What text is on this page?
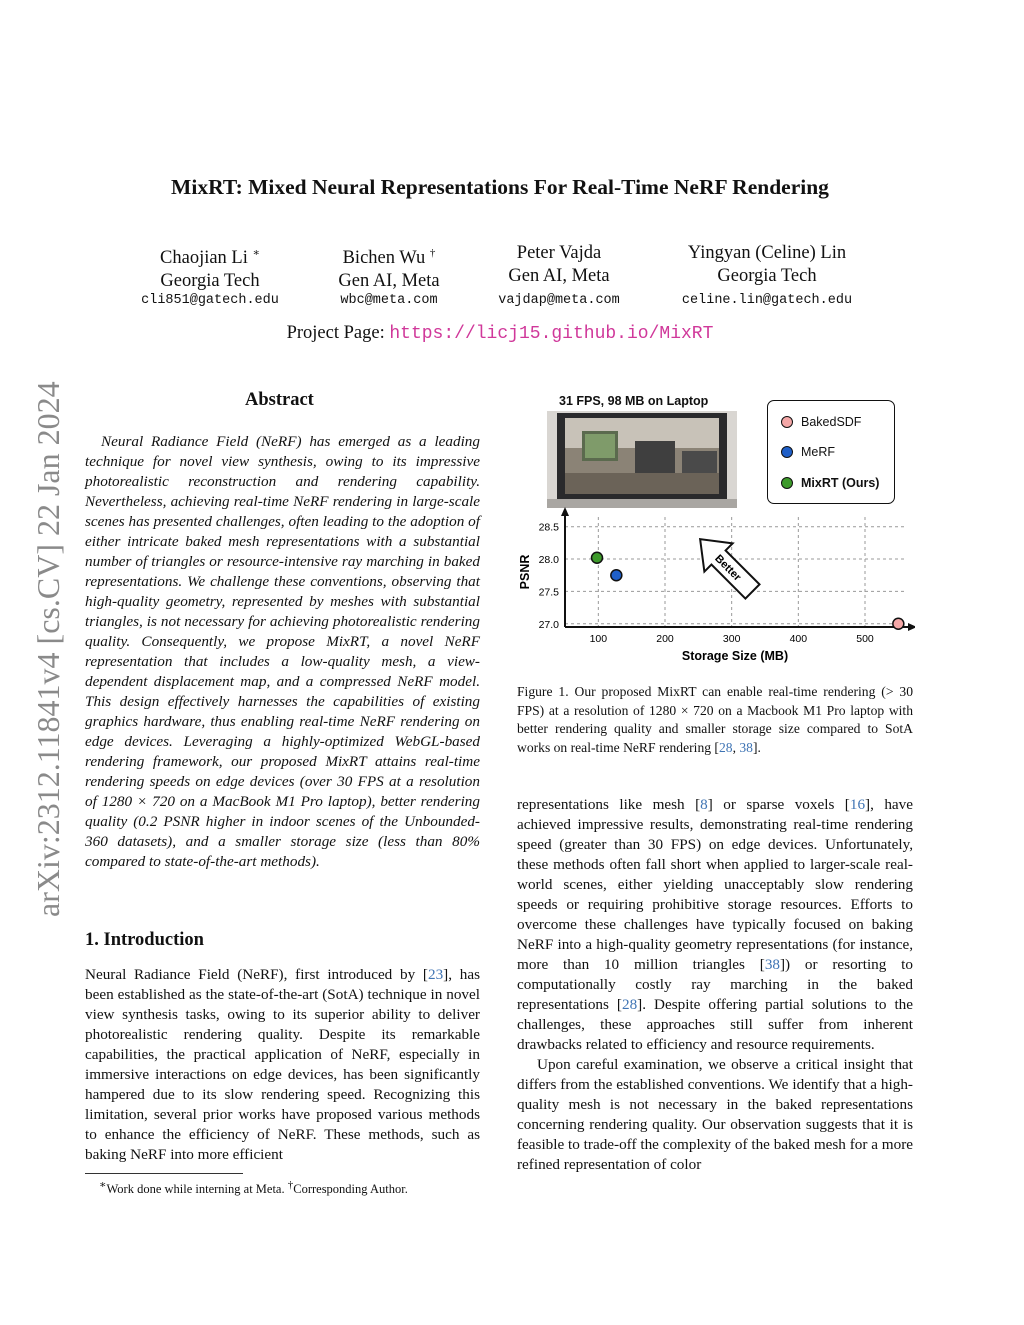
arXiv:2312.11841v4 [cs.CV] 22 Jan 2024
MixRT: Mixed Neural Representations For Real-Time NeRF Rendering
Chaojian Li ∗
Georgia Tech
Bichen Wu †
Gen AI, Meta
Peter Vajda
Gen AI, Meta
Yingyan (Celine) Lin
Georgia Tech
cli851@gatech.edu	wbc@meta.com	vajdap@meta.com	celine.lin@gatech.edu
Project Page: https://licj15.github.io/MixRT
Abstract

Neural Radiance Field (NeRF) has emerged as a leading technique for novel view synthesis, owing to its impressive photorealistic reconstruction and rendering capability. Nevertheless, achieving real-time NeRF rendering in large-scale scenes has presented challenges, often leading to the adoption of either intricate baked mesh representations with a substantial number of triangles or resource-intensive ray marching in baked representations. We challenge these conventions, observing that high-quality geometry, represented by meshes with substantial triangles, is not necessary for achieving photorealistic rendering quality. Consequently, we propose MixRT, a novel NeRF representation that includes a low-quality mesh, a view-dependent displacement map, and a compressed NeRF model. This design effectively harnesses the capabilities of existing graphics hardware, thus enabling real-time NeRF rendering on edge devices. Leveraging a highly-optimized WebGL-based rendering framework, our proposed MixRT attains real-time rendering speeds on edge devices (over 30 FPS at a resolution of 1280 × 720 on a MacBook M1 Pro laptop), better rendering quality (0.2 PSNR higher in indoor scenes of the Unbounded-360 datasets), and a smaller storage size (less than 80% compared to state-of-the-art methods).

1. Introduction

Neural Radiance Field (NeRF), first introduced by [23], has been established as the state-of-the-art (SotA) technique in novel view synthesis tasks, owing to its superior ability to deliver photorealistic rendering quality. Despite its remarkable capabilities, the practical application of NeRF, especially in immersive interactions on edge devices, has been significantly hampered due to its slow rendering speed. Recognizing this limitation, several prior works have proposed various methods to enhance the efficiency of NeRF. These methods, such as baking NeRF into more efficient

∗Work done while interning at Meta. †Corresponding Author.
31 FPS, 98 MB on Laptop
BakedSDF
MeRF
MixRT (Ours)
100	200	300	400	500
27.0
27.5
28.0
28.5
Storage Size (MB)
PSNR	Better
Figure 1. Our proposed MixRT can enable real-time rendering (> 30 FPS) at a resolution of 1280 × 720 on a Macbook M1 Pro laptop with better rendering quality and smaller storage size compared to SotA works on real-time NeRF rendering [28, 38].

representations like mesh [8] or sparse voxels [16], have achieved impressive results, demonstrating real-time rendering speed (greater than 30 FPS) on edge devices. Unfortunately, these methods often fall short when applied to larger-scale real-world scenes, either yielding unacceptably slow rendering speeds or requiring prohibitive storage resources. Efforts to overcome these challenges have typically focused on baking NeRF into a high-quality geometry representations (for instance, more than 10 million triangles [38]) or resorting to computationally costly ray marching in the baked representations [28]. Despite offering partial solutions to the challenges, these approaches still suffer from inherent drawbacks related to efficiency and resource requirements.

Upon careful examination, we observe a critical insight that differs from the established conventions. We identify that a high-quality mesh is not necessary in the baked representations concerning rendering quality. Our observation suggests that it is feasible to trade-off the complexity of the baked mesh for a more refined representation of color
